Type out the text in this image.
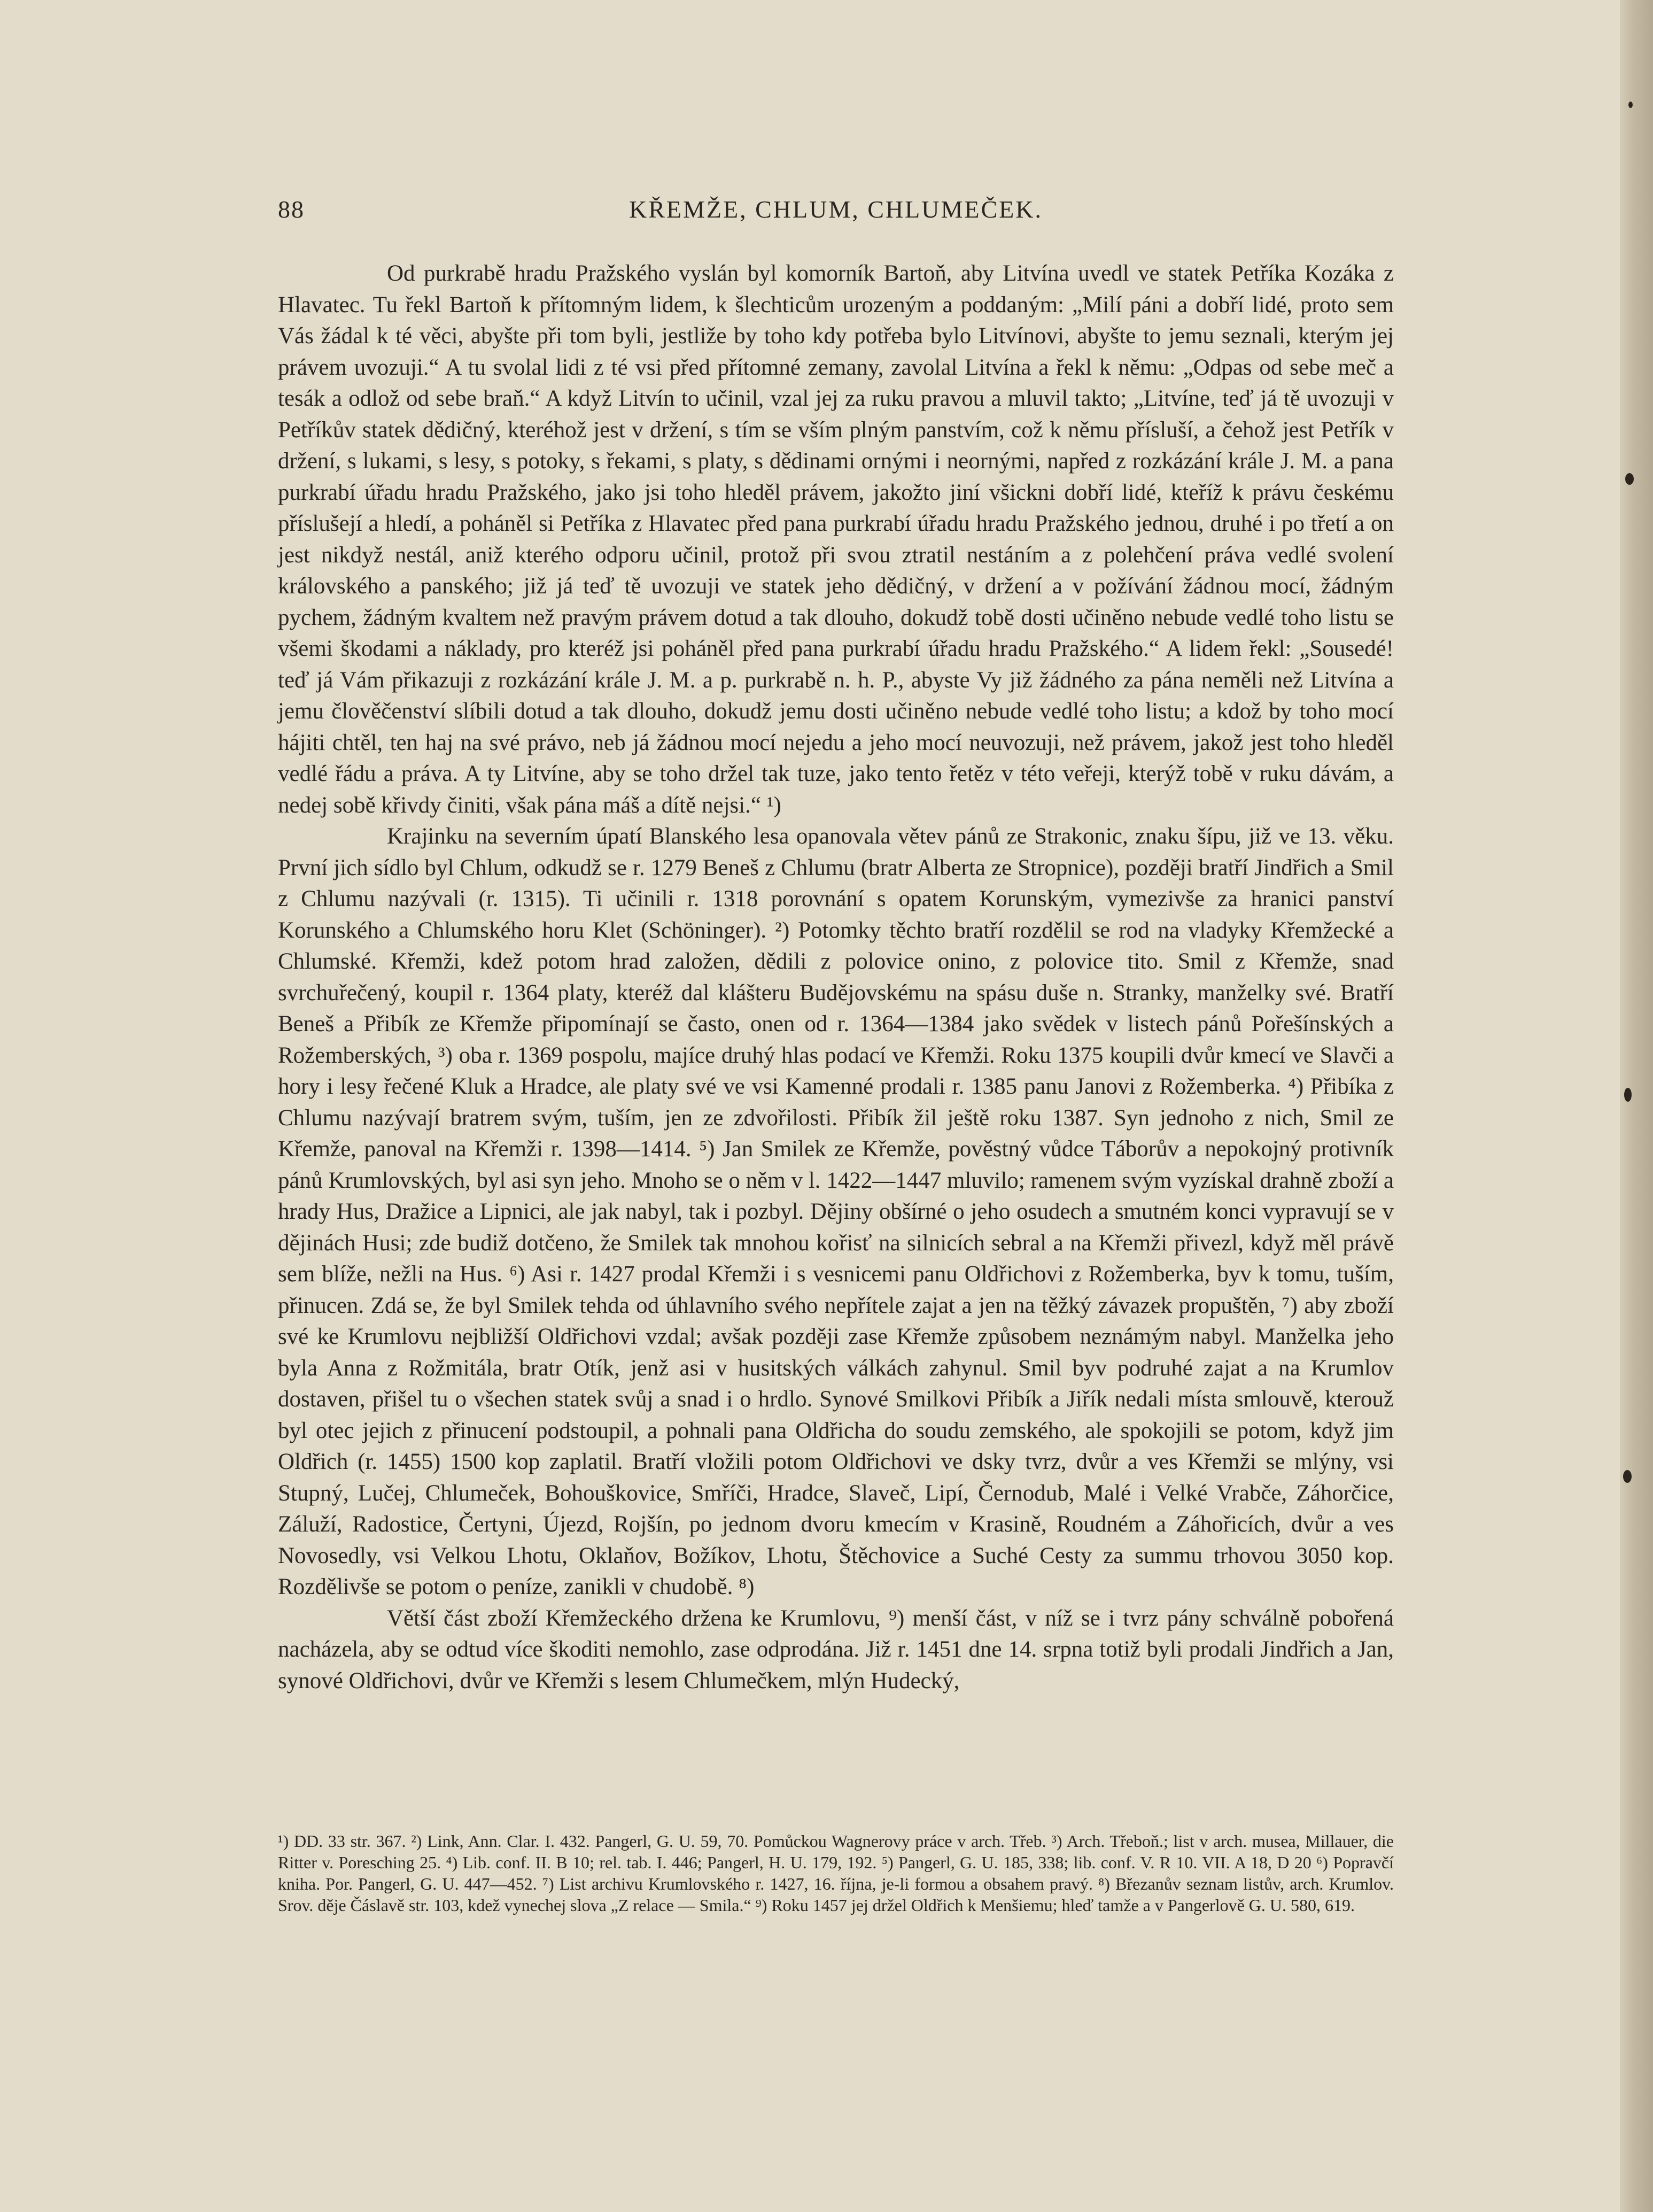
88	KŘEMŽE, CHLUM, CHLUMEČEK.

Od purkrabě hradu Pražského vyslán byl komorník Bartoň, aby Litvína uvedl ve statek Petříka Kozáka z Hlavatec. Tu řekl Bartoň k přítomným lidem, k šlechticům urozeným a poddaným: „Milí páni a dobří lidé, proto sem Vás žádal k té věci, abyšte při tom byli, jestliže by toho kdy potřeba bylo Litvínovi, abyšte to jemu seznali, kterým jej právem uvozuji.“ A tu svolal lidi z té vsi před přítomné zemany, zavolal Litvína a řekl k němu: „Odpas od sebe meč a tesák a odlož od sebe braň.“ A když Litvín to učinil, vzal jej za ruku pravou a mluvil takto; „Litvíne, teď já tě uvozuji v Petříkův statek dědičný, kteréhož jest v držení, s tím se vším plným panstvím, což k němu přísluší, a čehož jest Petřík v držení, s lukami, s lesy, s potoky, s řekami, s platy, s dědinami ornými i neornými, napřed z rozkázání krále J. M. a pana purkrabí úřadu hradu Pražského, jako jsi toho hleděl právem, jakožto jiní všickni dobří lidé, kteříž k právu českému příslušejí a hledí, a poháněl si Petříka z Hlavatec před pana purkrabí úřadu hradu Pražského jednou, druhé i po třetí a on jest nikdyž nestál, aniž kterého odporu učinil, protož při svou ztratil nestáním a z polehčení práva vedlé svolení královského a panského; již já teď tě uvozuji ve statek jeho dědičný, v držení a v požívání žádnou mocí, žádným pychem, žádným kvaltem než pravým právem dotud a tak dlouho, dokudž tobě dosti učiněno nebude vedlé toho listu se všemi škodami a náklady, pro kteréž jsi poháněl před pana purkrabí úřadu hradu Pražského.“ A lidem řekl: „Sousedé! teď já Vám přikazuji z rozkázání krále J. M. a p. purkrabě n. h. P., abyste Vy již žádného za pána neměli než Litvína a jemu člověčenství slíbili dotud a tak dlouho, dokudž jemu dosti učiněno nebude vedlé toho listu; a kdož by toho mocí hájiti chtěl, ten haj na své právo, neb já žádnou mocí nejedu a jeho mocí neuvozuji, než právem, jakož jest toho hleděl vedlé řádu a práva. A ty Litvíne, aby se toho držel tak tuze, jako tento řetěz v této veřeji, kterýž tobě v ruku dávám, a nedej sobě křivdy činiti, však pána máš a dítě nejsi.“ ¹)

Krajinku na severním úpatí Blanského lesa opanovala větev pánů ze Strakonic, znaku šípu, již ve 13. věku. První jich sídlo byl Chlum, odkudž se r. 1279 Beneš z Chlumu (bratr Alberta ze Stropnice), později bratří Jindřich a Smil z Chlumu nazývali (r. 1315). Ti učinili r. 1318 porovnání s opatem Korunským, vymezivše za hranici panství Korunského a Chlumského horu Klet (Schöninger). ²) Potomky těchto bratří rozdělil se rod na vladyky Křemžecké a Chlumské. Křemži, kdež potom hrad založen, dědili z polovice onino, z polovice tito. Smil z Křemže, snad svrchuřečený, koupil r. 1364 platy, kteréž dal klášteru Budějovskému na spásu duše n. Stranky, manželky své. Bratří Beneš a Přibík ze Křemže připomínají se často, onen od r. 1364—1384 jako svědek v listech pánů Pořešínských a Rožemberských, ³) oba r. 1369 pospolu, majíce druhý hlas podací ve Křemži. Roku 1375 koupili dvůr kmecí ve Slavči a hory i lesy řečené Kluk a Hradce, ale platy své ve vsi Kamenné prodali r. 1385 panu Janovi z Rožemberka. ⁴) Přibíka z Chlumu nazývají bratrem svým, tuším, jen ze zdvořilosti. Přibík žil ještě roku 1387. Syn jednoho z nich, Smil ze Křemže, panoval na Křemži r. 1398—1414. ⁵) Jan Smilek ze Křemže, pověstný vůdce Táborův a nepokojný protivník pánů Krumlovských, byl asi syn jeho. Mnoho se o něm v l. 1422—1447 mluvilo; ramenem svým vyzískal drahně zboží a hrady Hus, Dražice a Lipnici, ale jak nabyl, tak i pozbyl. Dějiny obšírné o jeho osudech a smutném konci vypravují se v dějinách Husi; zde budiž dotčeno, že Smilek tak mnohou kořisť na silnicích sebral a na Křemži přivezl, když měl právě sem blíže, nežli na Hus. ⁶) Asi r. 1427 prodal Křemži i s vesnicemi panu Oldřichovi z Rožemberka, byv k tomu, tuším, přinucen. Zdá se, že byl Smilek tehda od úhlavního svého nepřítele zajat a jen na těžký závazek propuštěn, ⁷) aby zboží své ke Krumlovu nejbližší Oldřichovi vzdal; avšak později zase Křemže způsobem neznámým nabyl. Manželka jeho byla Anna z Rožmitála, bratr Otík, jenž asi v husitských válkách zahynul. Smil byv podruhé zajat a na Krumlov dostaven, přišel tu o všechen statek svůj a snad i o hrdlo. Synové Smilkovi Přibík a Jiřík nedali místa smlouvě, kterouž byl otec jejich z přinucení podstoupil, a pohnali pana Oldřicha do soudu zemského, ale spokojili se potom, když jim Oldřich (r. 1455) 1500 kop zaplatil. Bratří vložili potom Oldřichovi ve dsky tvrz, dvůr a ves Křemži se mlýny, vsi Stupný, Lučej, Chlumeček, Bohouškovice, Smříči, Hradce, Slaveč, Lipí, Černodub, Malé i Velké Vrabče, Záhorčice, Záluží, Radostice, Čertyni, Újezd, Rojšín, po jednom dvoru kmecím v Krasině, Roudném a Záhořicích, dvůr a ves Novosedly, vsi Velkou Lhotu, Oklaňov, Božíkov, Lhotu, Štěchovice a Suché Cesty za summu trhovou 3050 kop. Rozdělivše se potom o peníze, zanikli v chudobě. ⁸)

Větší část zboží Křemžeckého držena ke Krumlovu, ⁹) menší část, v níž se i tvrz pány schválně pobořená nacházela, aby se odtud více škoditi nemohlo, zase odprodána. Již r. 1451 dne 14. srpna totiž byli prodali Jindřich a Jan, synové Oldřichovi, dvůr ve Křemži s lesem Chlumečkem, mlýn Hudecký,

¹) DD. 33 str. 367. ²) Link, Ann. Clar. I. 432. Pangerl, G. U. 59, 70. Pomůckou Wagnerovy práce v arch. Třeb. ³) Arch. Třeboň.; list v arch. musea, Millauer, die Ritter v. Poresching 25. ⁴) Lib. conf. II. B 10; rel. tab. I. 446; Pangerl, H. U. 179, 192. ⁵) Pangerl, G. U. 185, 338; lib. conf. V. R 10. VII. A 18, D 20 ⁶) Popravčí kniha. Por. Pangerl, G. U. 447—452. ⁷) List archivu Krumlovského r. 1427, 16. října, je-li formou a obsahem pravý. ⁸) Březanův seznam listův, arch. Krumlov. Srov. děje Čáslavě str. 103, kdež vynechej slova „Z relace — Smila.“ ⁹) Roku 1457 jej držel Oldřich k Menšiemu; hleď tamže a v Pangerlově G. U. 580, 619.
